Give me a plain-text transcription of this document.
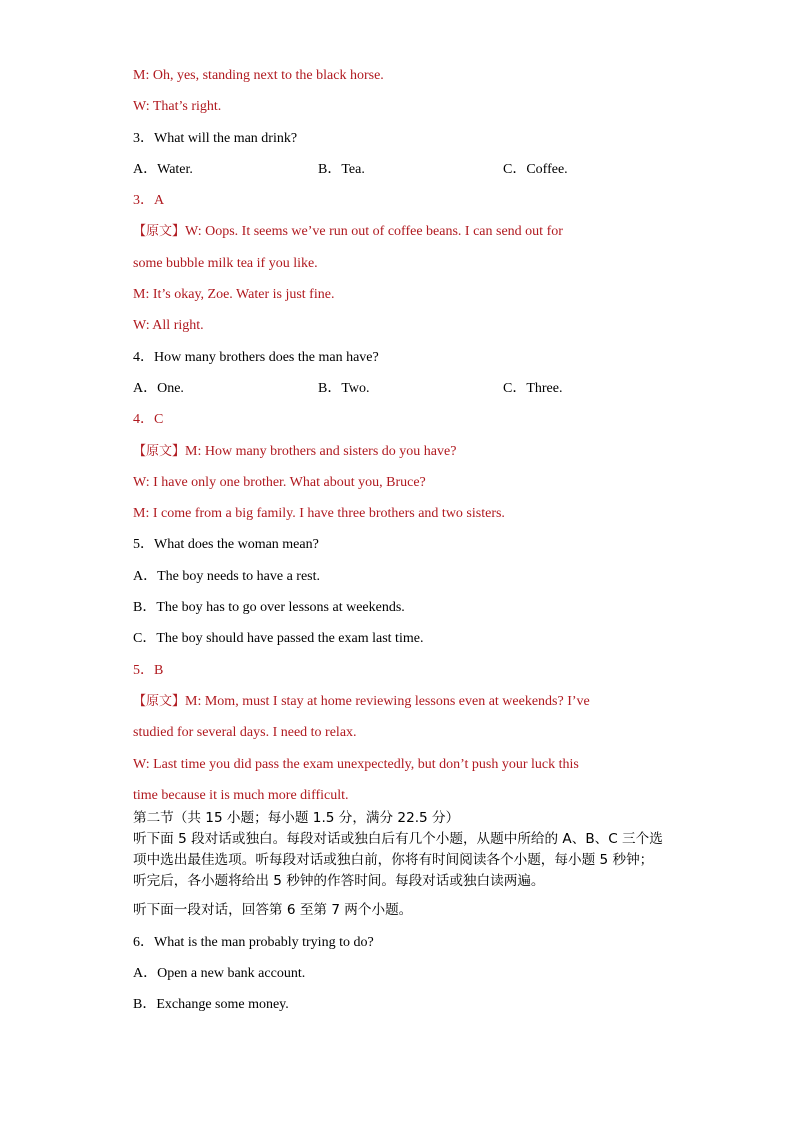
M: Oh, yes, standing next to the black horse.
W: That’s right.
3．What will the man drink?
A．Water.	B．Tea.	C．Coffee.
3．A
【原文】W: Oops. It seems we’ve run out of coffee beans. I can send out for
some bubble milk tea if you like.
M: It’s okay, Zoe. Water is just fine.
W: All right.
4．How many brothers does the man have?
A．One.	B．Two.	C．Three.
4．C
【原文】M: How many brothers and sisters do you have?
W: I have only one brother. What about you, Bruce?
M: I come from a big family. I have three brothers and two sisters.
5．What does the woman mean?
A．The boy needs to have a rest.
B．The boy has to go over lessons at weekends.
C．The boy should have passed the exam last time.
5．B
【原文】M: Mom, must I stay at home reviewing lessons even at weekends? I’ve
studied for several days. I need to relax.
W: Last time you did pass the exam unexpectedly, but don’t push your luck this
time because it is much more difficult.
第二节（共 15 小题；每小题 1.5 分，满分 22.5 分）
听下面 5 段对话或独白。每段对话或独白后有几个小题，从题中所给的 A、B、C 三个选项中选出最佳选项。听每段对话或独白前，你将有时间阅读各个小题，每小题 5 秒钟；听完后，各小题将给出 5 秒钟的作答时间。每段对话或独白读两遍。
听下面一段对话，回答第 6 至第 7 两个小题。
6．What is the man probably trying to do?
A．Open a new bank account.
B．Exchange some money.
